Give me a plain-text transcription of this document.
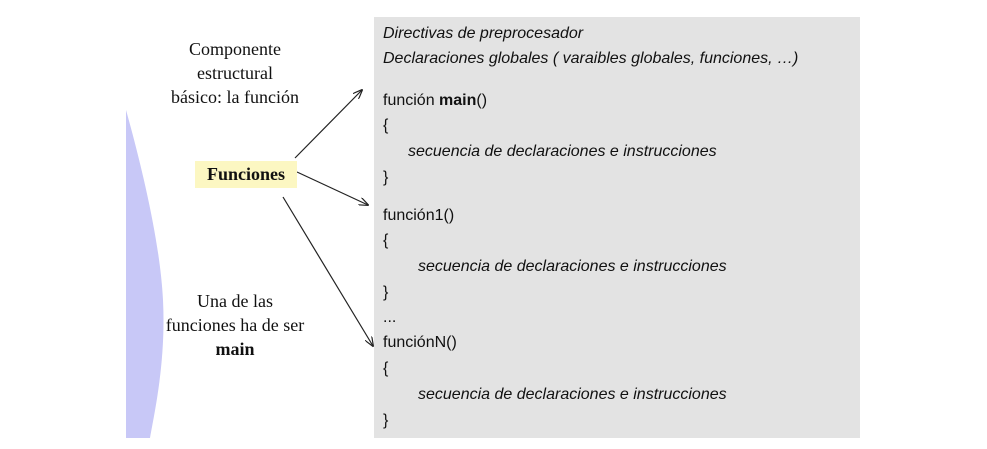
Componente
estructural
básico: la función
Funciones
Una de las
funciones ha de ser
main
Directivas de preprocesador
Declaraciones globales ( varaibles globales, funciones, …)
función main()
{
secuencia de declaraciones e instrucciones
}
función1()
{
secuencia de declaraciones e instrucciones
}
...
funciónN()
{
secuencia de declaraciones e instrucciones
}
